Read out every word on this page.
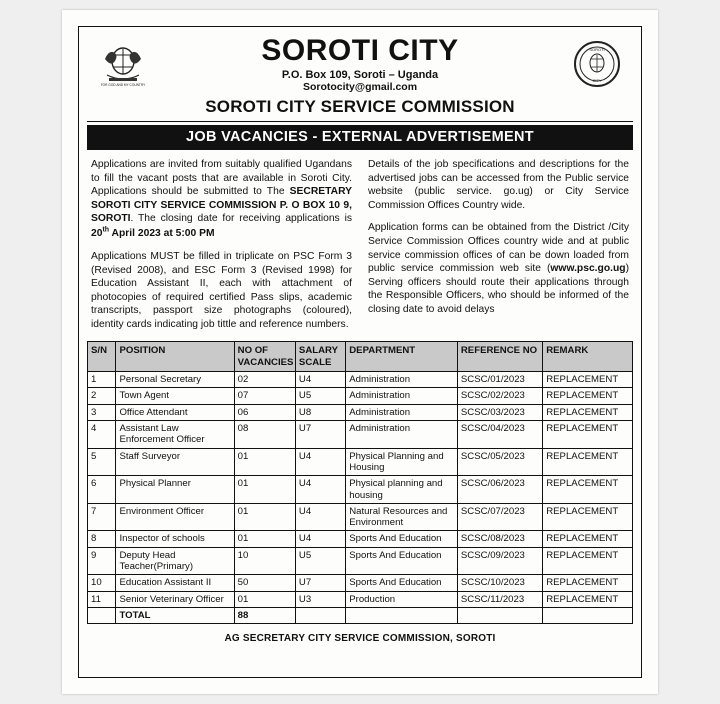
FOR GOD AND MY COUNTRY
SOROTI CITY
P.O. Box 109, Soroti – Uganda
Sorotocity@gmail.com
SOROTI
CITY
SOROTI CITY SERVICE COMMISSION
JOB VACANCIES - EXTERNAL ADVERTISEMENT

Applications are invited from suitably qualified Ugandans to fill the vacant posts that are available in Soroti City. Applications should be submitted to The SECRETARY SOROTI CITY SERVICE COMMISSION P. O BOX 10 9, SOROTI. The closing date for receiving applications is 20th April 2023 at 5:00 PM

Applications MUST be filled in triplicate on PSC Form 3 (Revised 2008), and ESC Form 3 (Revised 1998) for Education Assistant II, each with attachment of photocopies of required certified Pass slips, academic transcripts, passport size photographs (coloured), identity cards indicating job tittle and reference numbers.

Details of the job specifications and descriptions for the advertised jobs can be accessed from the Public service website (public service. go.ug) or City Service Commission Offices Country wide.

Application forms can be obtained from the District /City Service Commission Offices country wide and at public service commission offices of can be down loaded from public service commission web site (www.psc.go.ug) Serving officers should route their applications through the Responsible Officers, who should be informed of the closing date to avoid delays

S/N	POSITION	NO OF VACANCIES	SALARY SCALE	DEPARTMENT	REFERENCE NO	REMARK
1	Personal Secretary	02	U4	Administration	SCSC/01/2023	REPLACEMENT
2	Town Agent	07	U5	Administration	SCSC/02/2023	REPLACEMENT
3	Office Attendant	06	U8	Administration	SCSC/03/2023	REPLACEMENT
4	Assistant Law Enforcement Officer	08	U7	Administration	SCSC/04/2023	REPLACEMENT
5	Staff Surveyor	01	U4	Physical Planning and Housing	SCSC/05/2023	REPLACEMENT
6	Physical Planner	01	U4	Physical planning and housing	SCSC/06/2023	REPLACEMENT
7	Environment Officer	01	U4	Natural Resources and Environment	SCSC/07/2023	REPLACEMENT
8	Inspector of schools	01	U4	Sports And Education	SCSC/08/2023	REPLACEMENT
9	Deputy Head Teacher(Primary)	10	U5	Sports And Education	SCSC/09/2023	REPLACEMENT
10	Education Assistant II	50	U7	Sports And Education	SCSC/10/2023	REPLACEMENT
11	Senior Veterinary Officer	01	U3	Production	SCSC/11/2023	REPLACEMENT
	TOTAL	88				
AG SECRETARY CITY SERVICE COMMISSION, SOROTI
